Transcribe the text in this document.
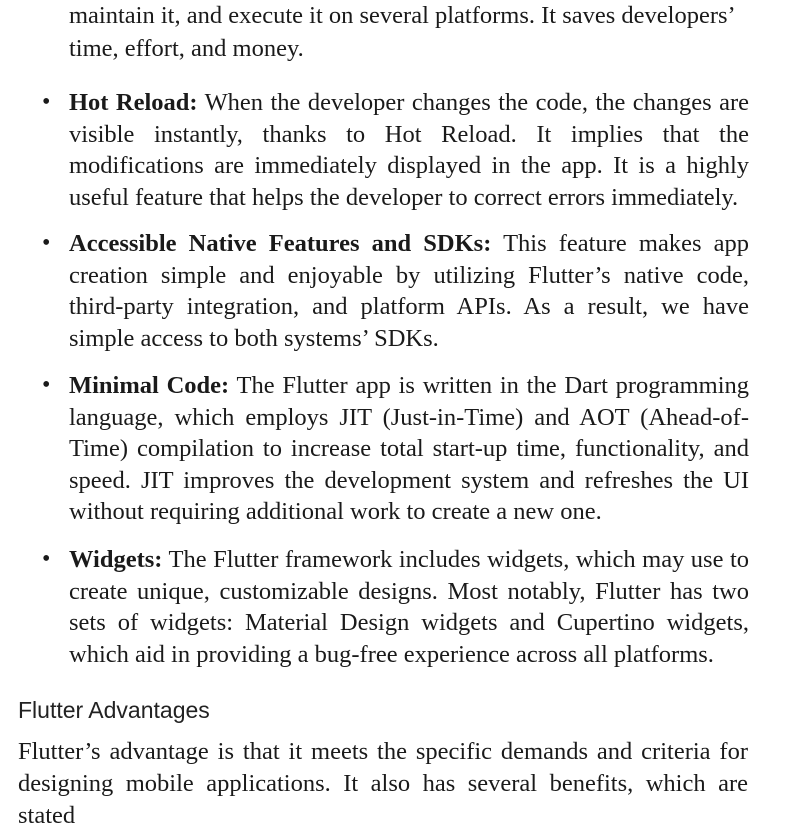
maintain it, and execute it on several platforms. It saves developers’
time, effort, and money.
• Hot Reload: When the developer changes the code, the changes are visible instantly, thanks to Hot Reload. It implies that the modifications are immediately displayed in the app. It is a highly useful feature that helps the developer to correct errors immediately.
• Accessible Native Features and SDKs: This feature makes app creation simple and enjoyable by utilizing Flutter’s native code, third-party integration, and platform APIs. As a result, we have simple access to both systems’ SDKs.
• Minimal Code: The Flutter app is written in the Dart programming language, which employs JIT (Just-in-Time) and AOT (Ahead-of-Time) compilation to increase total start-up time, functionality, and speed. JIT improves the development system and refreshes the UI without requiring additional work to create a new one.
• Widgets: The Flutter framework includes widgets, which may use to create unique, customizable designs. Most notably, Flutter has two sets of widgets: Material Design widgets and Cupertino widgets, which aid in providing a bug-free experience across all platforms.
Flutter Advantages
Flutter’s advantage is that it meets the specific demands and criteria for designing mobile applications. It also has several benefits, which are stated
